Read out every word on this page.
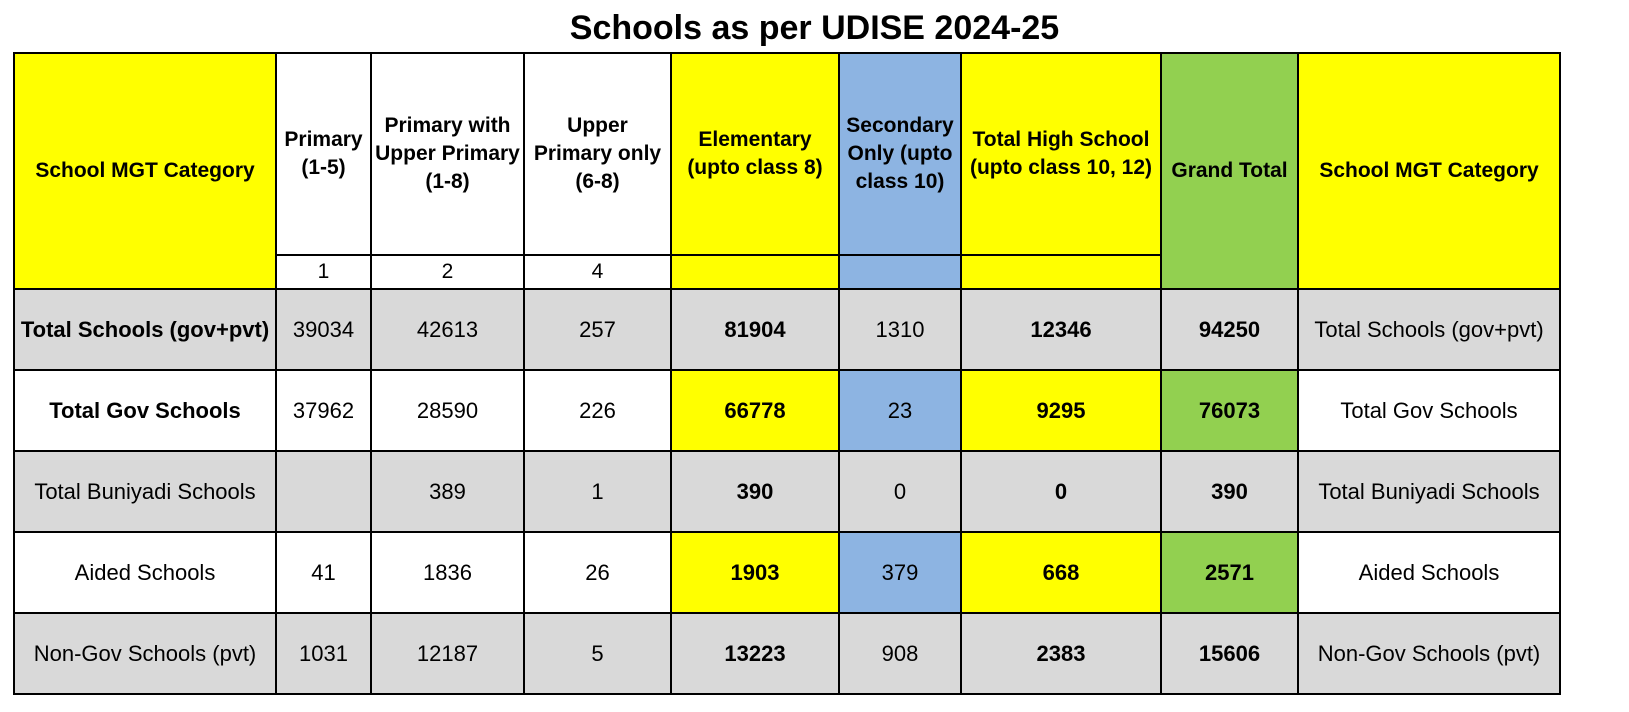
Schools as per UDISE 2024-25
School MGT Category	Primary (1-5)	Primary with Upper Primary (1-8)	Upper Primary only (6-8)	Elementary (upto class 8)	Secondary Only (upto class 10)	Total High School (upto class 10, 12)	Grand Total	School MGT Category
	1	2	4					
Total Schools (gov+pvt)	39034	42613	257	81904	1310	12346	94250	Total Schools (gov+pvt)
Total Gov Schools	37962	28590	226	66778	23	9295	76073	Total Gov Schools
Total Buniyadi Schools		389	1	390	0	0	390	Total Buniyadi Schools
Aided Schools	41	1836	26	1903	379	668	2571	Aided Schools
Non-Gov Schools (pvt)	1031	12187	5	13223	908	2383	15606	Non-Gov Schools (pvt)
